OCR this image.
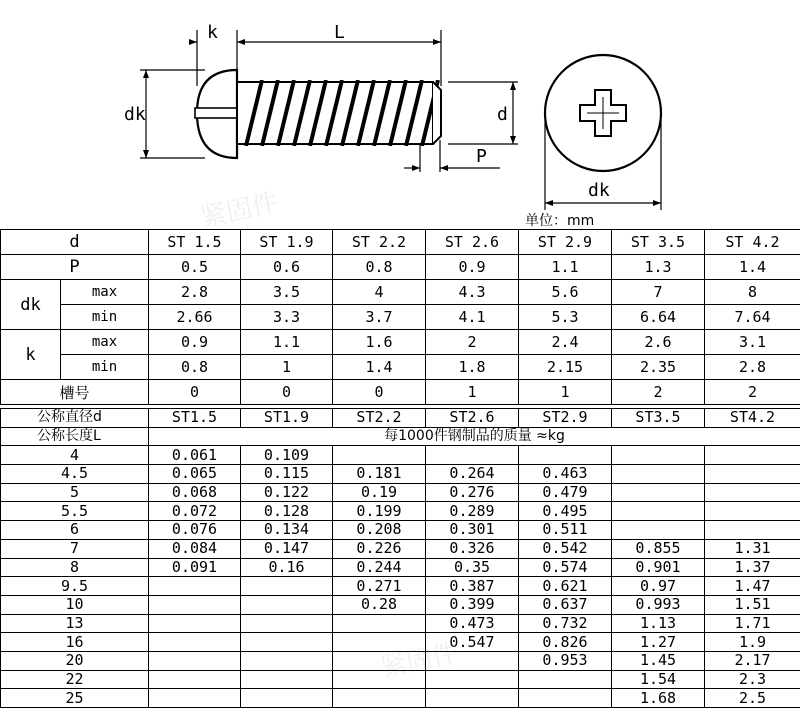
k	L
dk	d
P
dk
单位：mm
d		ST 1.5	ST 1.9	ST 2.2	ST 2.6	ST 2.9	ST 3.5	ST 4.2
P		0.5	0.6	0.8	0.9	1.1	1.3	1.4
dk	max	2.8	3.5	4	4.3	5.6	7	8
	min	2.66	3.3	3.7	4.1	5.3	6.64	7.64
k	max	0.9	1.1	1.6	2	2.4	2.6	3.1
	min	0.8	1	1.4	1.8	2.15	2.35	2.8
槽号		0	0	0	1	1	2	2
公称直径d	ST1.5	ST1.9	ST2.2	ST2.6	ST2.9	ST3.5	ST4.2
公称长度L	每1000件钢制品的质量 ≈kg						
4	0.061	0.109					
4.5	0.065	0.115	0.181	0.264	0.463		
5	0.068	0.122	0.19	0.276	0.479		
5.5	0.072	0.128	0.199	0.289	0.495		
6	0.076	0.134	0.208	0.301	0.511		
7	0.084	0.147	0.226	0.326	0.542	0.855	1.31
8	0.091	0.16	0.244	0.35	0.574	0.901	1.37
9.5			0.271	0.387	0.621	0.97	1.47
10			0.28	0.399	0.637	0.993	1.51
13				0.473	0.732	1.13	1.71
16				0.547	0.826	1.27	1.9
20					0.953	1.45	2.17
22						1.54	2.3
25						1.68	2.5
紧固件
紧固件
